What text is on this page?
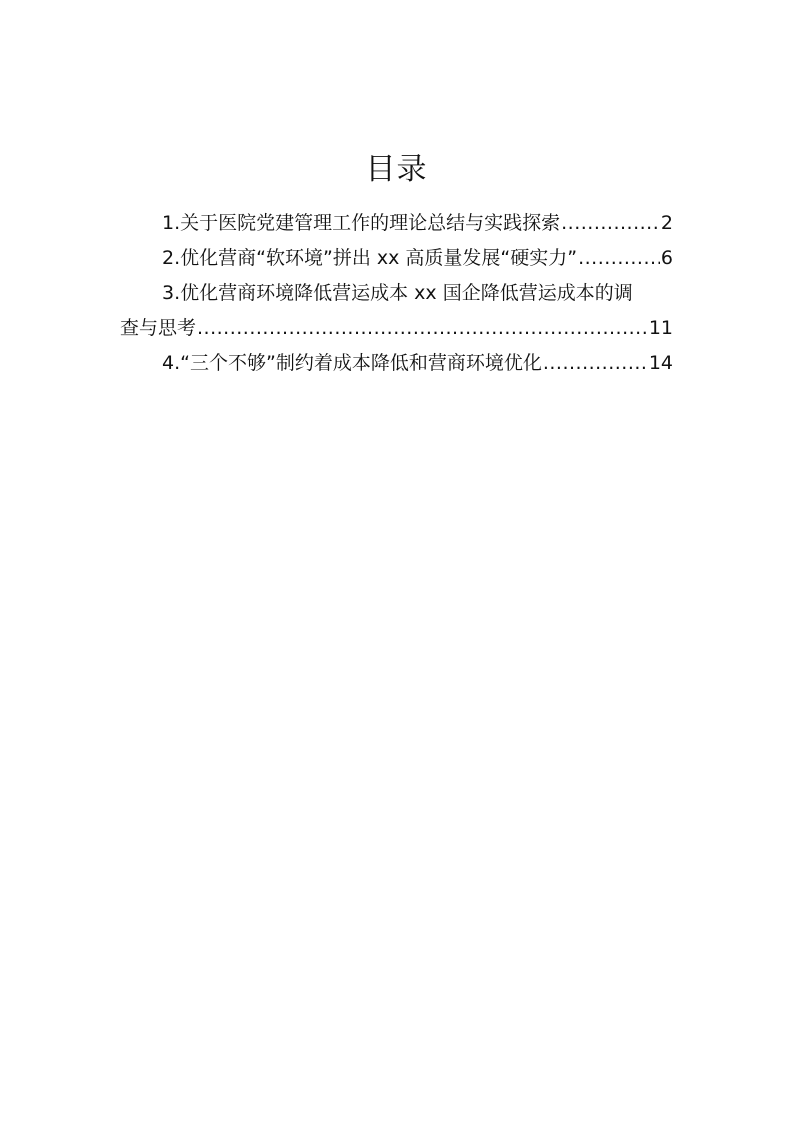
目录
1.关于医院党建管理工作的理论总结与实践探索 .....	2
2.优化营商“软环境”拼出 xx 高质量发展“硬实力” .....	6
3.优化营商环境降低营运成本 xx 国企降低营运成本的调
查与思考 .....	11
4.“三个不够”制约着成本降低和营商环境优化 .....	14
